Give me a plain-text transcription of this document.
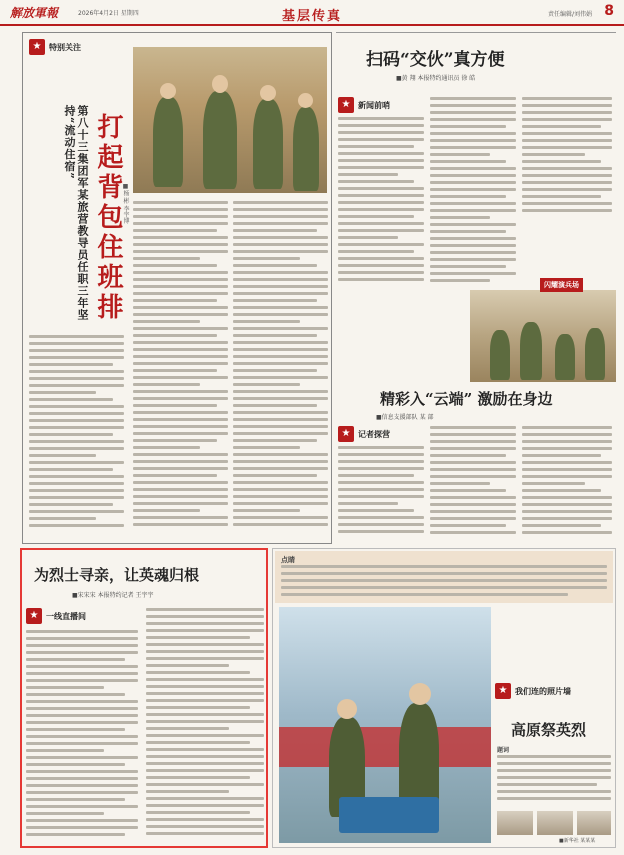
解放軍報	2026年4月2日 星期四	基层传真	责任编辑/刘伟娟 8
★ 特别关注
打起背包住班排
第八十三集团军某旅营教导员任职三年坚持“流动住宿”
■杨 彬 李宇博
扫码“交伙”真方便
■黄 翔 本报特约通讯员 徐 皓
★ 新闻前哨
闪耀演兵场
精彩入“云端” 激励在身边
■信息支援部队 某 部
★ 记者探营
为烈士寻亲，让英魂归根
■宋宋宋 本报特约记者 王宇宇
★ 一线直播间
点睛
★ 我们连的照片墙
高原祭英烈
题词
■新华社 某某某
